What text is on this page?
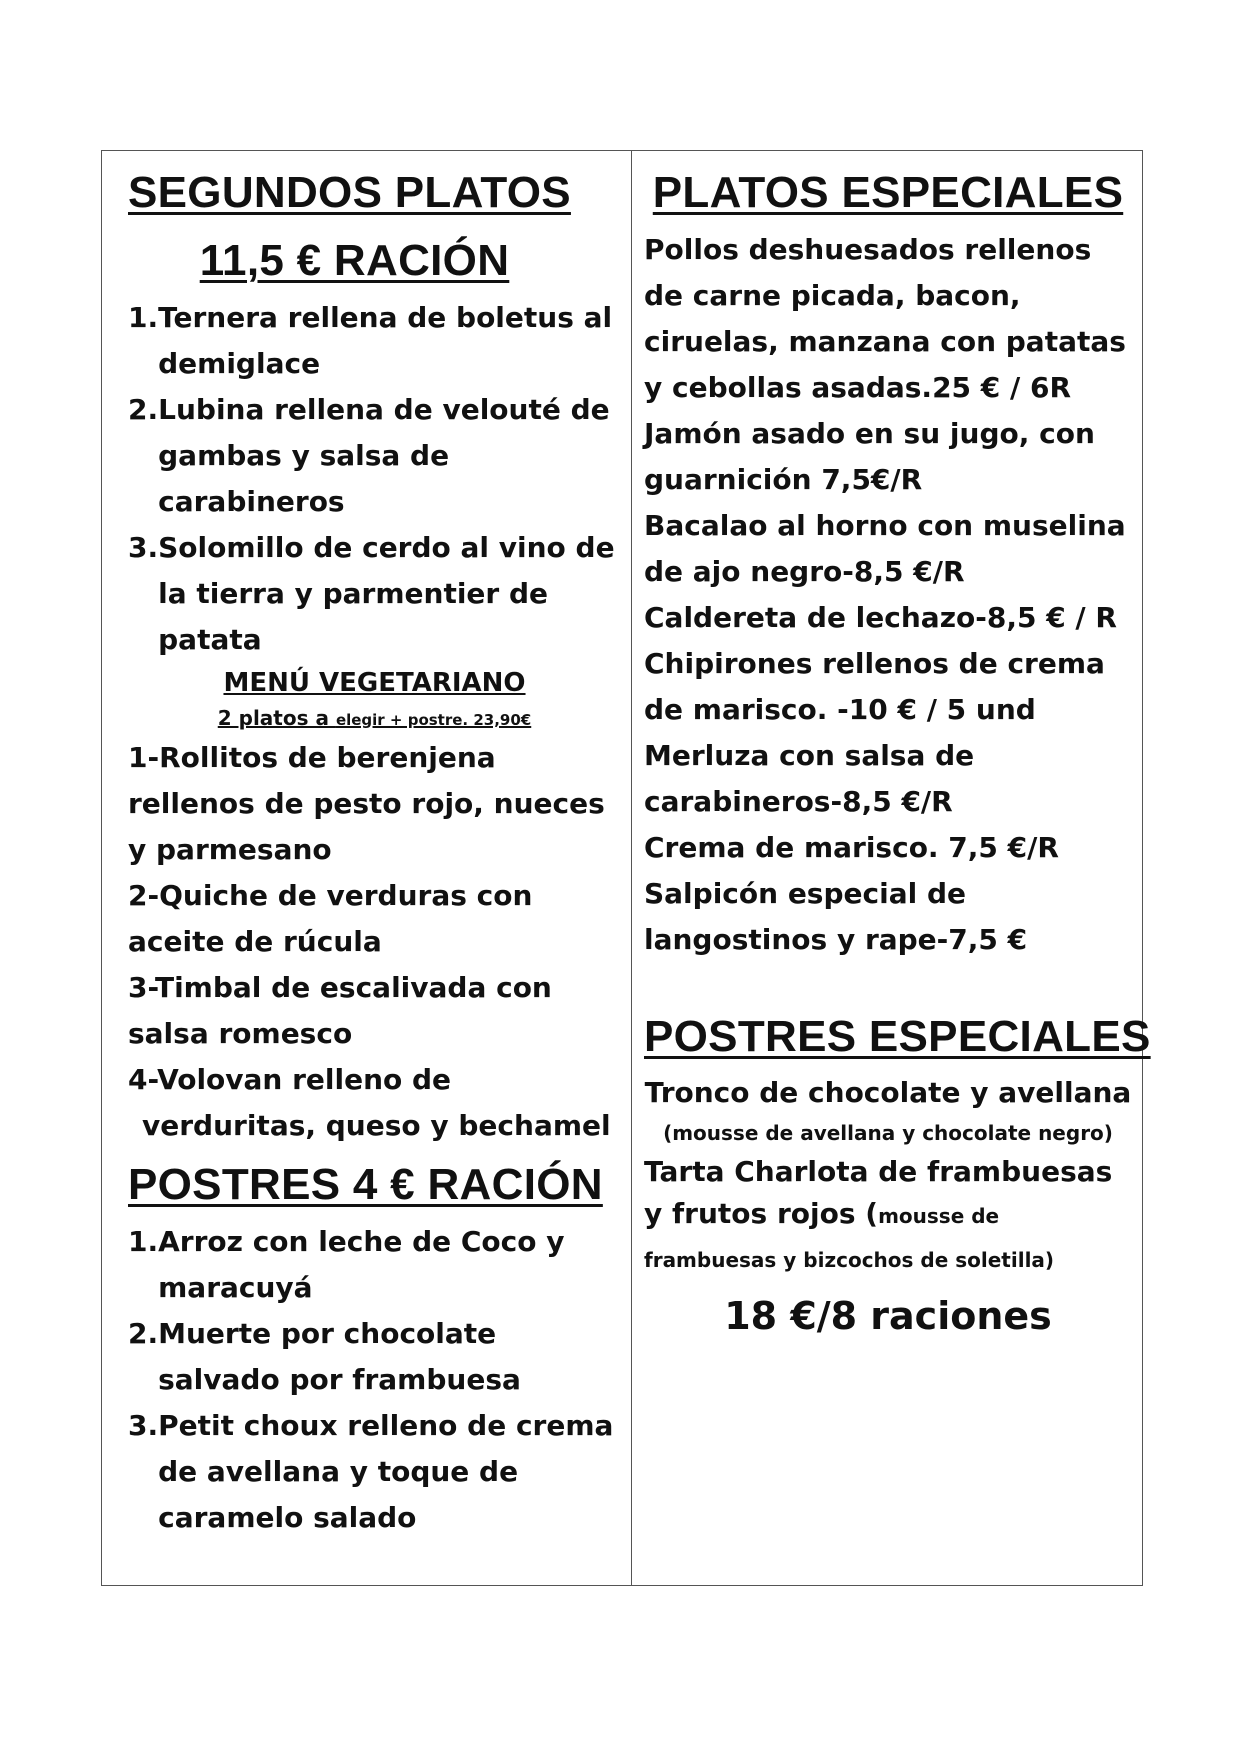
SEGUNDOS PLATOS
11,5 € RACIÓN
1. Ternera rellena de boletus al demiglace
2. Lubina rellena de velouté de gambas y salsa de carabineros
3. Solomillo de cerdo al vino de la tierra y parmentier de patata
MENÚ VEGETARIANO
2 platos a elegir + postre. 23,90€
1-Rollitos de berenjena rellenos de pesto rojo, nueces y parmesano
2-Quiche de verduras con aceite de rúcula
3-Timbal de escalivada con salsa romesco
4-Volovan relleno de
verduritas, queso y bechamel
POSTRES 4 € RACIÓN
1. Arroz con leche de Coco y maracuyá
2. Muerte por chocolate salvado por frambuesa
3. Petit choux relleno de crema de avellana y toque de caramelo salado
PLATOS ESPECIALES
Pollos deshuesados rellenos de carne picada, bacon, ciruelas, manzana con patatas y cebollas asadas.25 € / 6R
Jamón asado en su jugo, con guarnición 7,5€/R
Bacalao al horno con muselina de ajo negro-8,5 €/R
Caldereta de lechazo-8,5 € / R
Chipirones rellenos de crema de marisco. -10 € / 5 und
Merluza con salsa de carabineros-8,5 €/R
Crema de marisco. 7,5 €/R
Salpicón especial de langostinos y rape-7,5 €
POSTRES ESPECIALES
Tronco de chocolate y avellana
(mousse de avellana y chocolate negro)
Tarta Charlota de frambuesas y frutos rojos (mousse de frambuesas y bizcochos de soletilla)
18 €/8 raciones
